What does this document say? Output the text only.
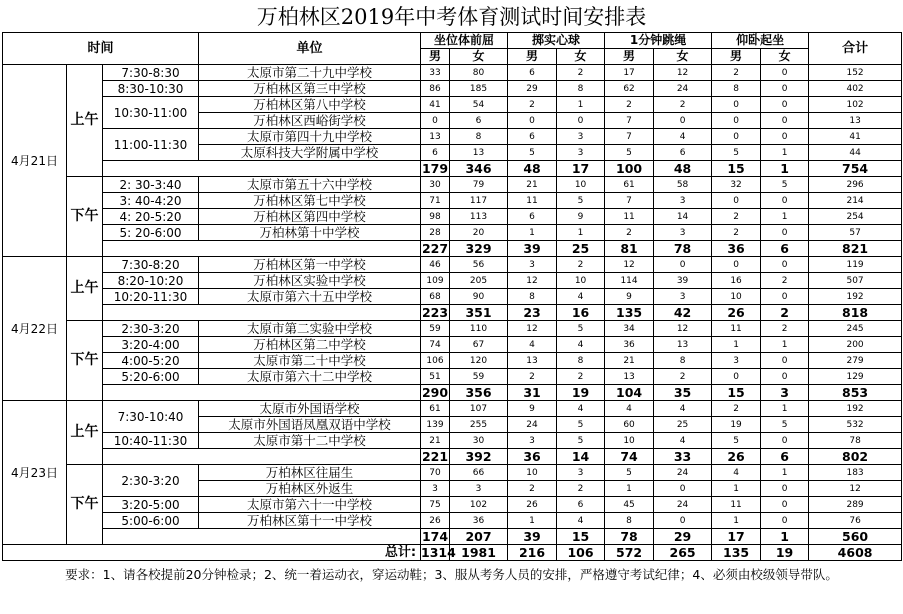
万柏林区2019年中考体育测试时间安排表
时间			单位	坐位体前屈		掷实心球		1分钟跳绳		仰卧起坐		合计
				男	女	男	女	男	女	男	女	
4月21日	上午	7:30-8:30	太原市第二十九中学校	33	80	6	2	17	12	2	0	152
		8:30-10:30	万柏林区第三中学校	86	185	29	8	62	24	8	0	402
		10:30-11:00	万柏林区第八中学校	41	54	2	1	2	2	0	0	102
			万柏林区西峪街学校	0	6	0	0	7	0	0	0	13
		11:00-11:30	太原市第四十九中学校	13	8	6	3	7	4	0	0	41
			太原科技大学附属中学校	6	13	5	3	5	6	5	1	44
				179	346	48	17	100	48	15	1	754
	下午	2: 30-3:40	太原市第五十六中学校	30	79	21	10	61	58	32	5	296
		3: 40-4:20	万柏林区第七中学校	71	117	11	5	7	3	0	0	214
		4: 20-5:20	万柏林区第四中学校	98	113	6	9	11	14	2	1	254
		5: 20-6:00	万柏林第十中学校	28	20	1	1	2	3	2	0	57
				227	329	39	25	81	78	36	6	821
4月22日	上午	7:30-8:20	万柏林区第一中学校	46	56	3	2	12	0	0	0	119
		8:20-10:20	万柏林区实验中学校	109	205	12	10	114	39	16	2	507
		10:20-11:30	太原市第六十五中学校	68	90	8	4	9	3	10	0	192
				223	351	23	16	135	42	26	2	818
	下午	2:30-3:20	太原市第二实验中学校	59	110	12	5	34	12	11	2	245
		3:20-4:00	万柏林区第二中学校	74	67	4	4	36	13	1	1	200
		4:00-5:20	太原市第二十中学校	106	120	13	8	21	8	3	0	279
		5:20-6:00	太原市第六十二中学校	51	59	2	2	13	2	0	0	129
				290	356	31	19	104	35	15	3	853
4月23日	上午	7:30-10:40	太原市外国语学校	61	107	9	4	4	4	2	1	192
			太原市外国语凤凰双语中学校	139	255	24	5	60	25	19	5	532
		10:40-11:30	太原市第十二中学校	21	30	3	5	10	4	5	0	78
				221	392	36	14	74	33	26	6	802
	下午	2:30-3:20	万柏林区往届生	70	66	10	3	5	24	4	1	183
			万柏林区外返生	3	3	2	2	1	0	1	0	12
		3:20-5:00	太原市第六十一中学校	75	102	26	6	45	24	11	0	289
		5:00-6:00	万柏林区第十一中学校	26	36	1	4	8	0	1	0	76
				174	207	39	15	78	29	17	1	560
总计:				1314	1981	216	106	572	265	135	19	4608
要求：1、请各校提前20分钟检录；2、统一着运动衣，穿运动鞋；3、服从考务人员的安排，严格遵守考试纪律；4、必须由校级领导带队。
